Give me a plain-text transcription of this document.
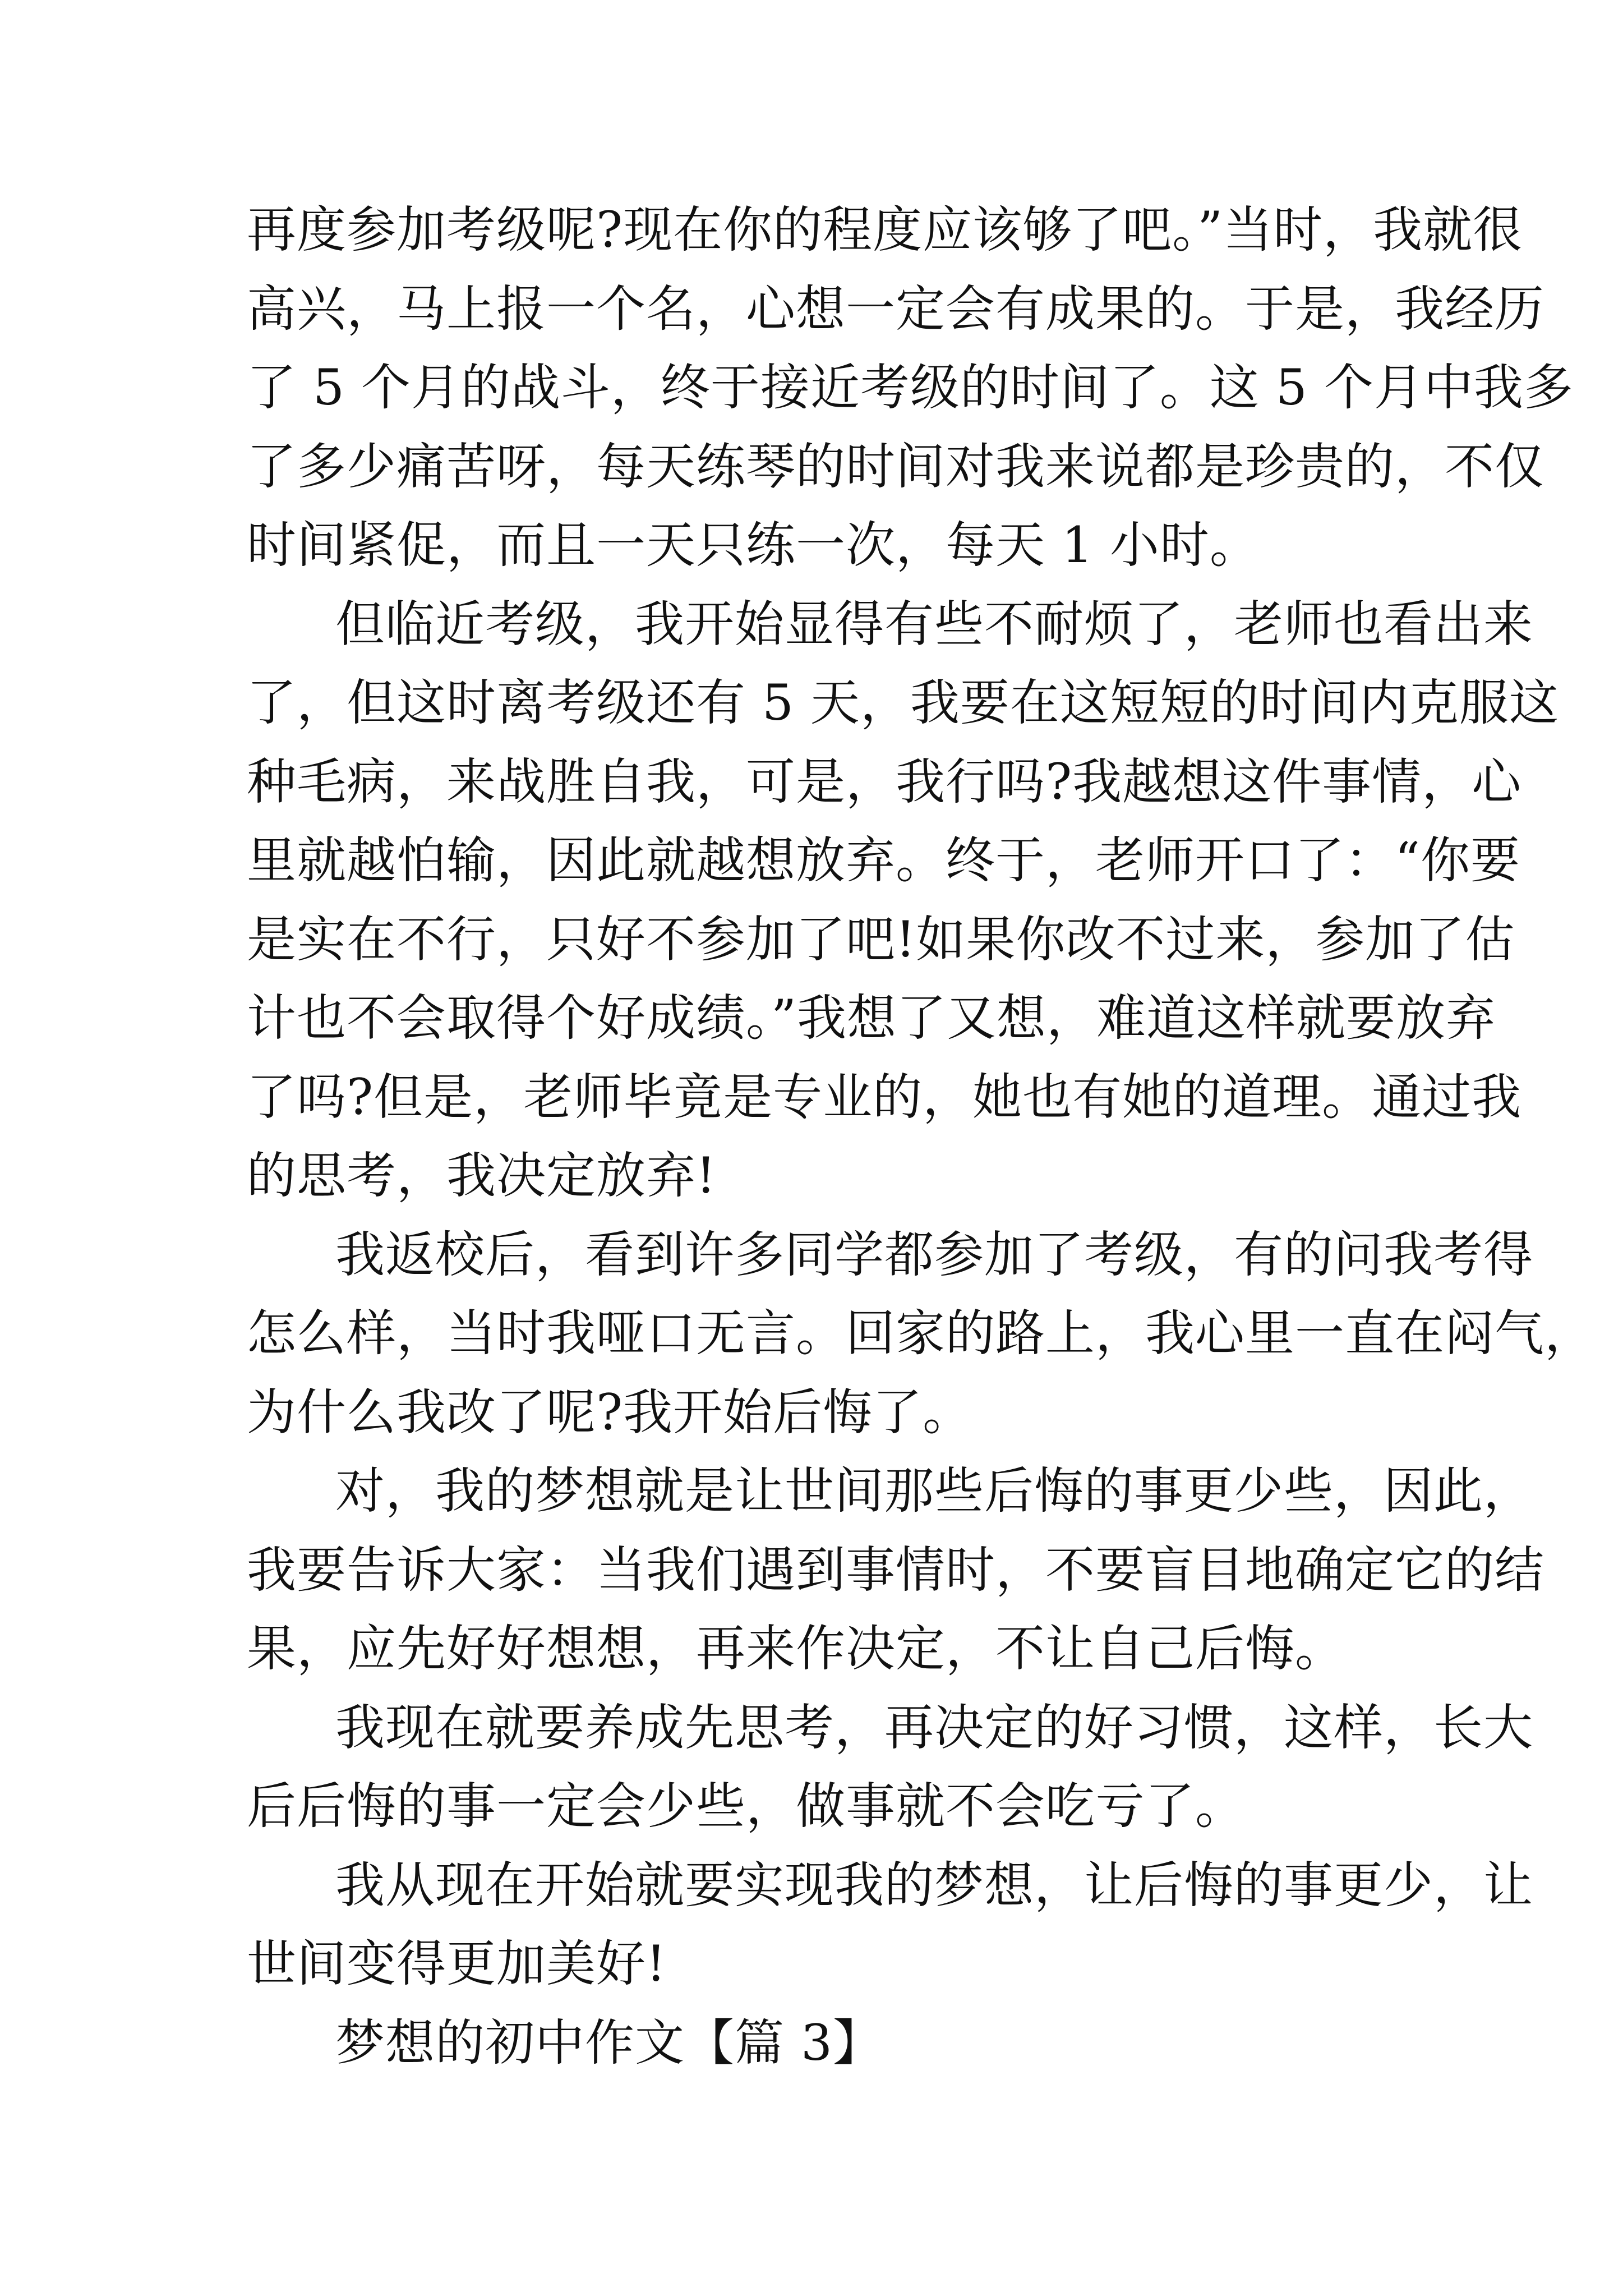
再度参加考级呢?现在你的程度应该够了吧。”当时，我就很
高兴，马上报一个名，心想一定会有成果的。于是，我经历
了 5 个月的战斗，终于接近考级的时间了。这 5 个月中我多
了多少痛苦呀，每天练琴的时间对我来说都是珍贵的，不仅
时间紧促，而且一天只练一次，每天 1 小时。

但临近考级，我开始显得有些不耐烦了，老师也看出来
了，但这时离考级还有 5 天，我要在这短短的时间内克服这
种毛病，来战胜自我，可是，我行吗?我越想这件事情，心
里就越怕输，因此就越想放弃。终于，老师开口了：“你要
是实在不行，只好不参加了吧!如果你改不过来，参加了估
计也不会取得个好成绩。”我想了又想，难道这样就要放弃
了吗?但是，老师毕竟是专业的，她也有她的道理。通过我
的思考，我决定放弃!

我返校后，看到许多同学都参加了考级，有的问我考得
怎么样，当时我哑口无言。回家的路上，我心里一直在闷气，
为什么我改了呢?我开始后悔了。

对，我的梦想就是让世间那些后悔的事更少些，因此，
我要告诉大家：当我们遇到事情时，不要盲目地确定它的结
果，应先好好想想，再来作决定，不让自己后悔。

我现在就要养成先思考，再决定的好习惯，这样，长大
后后悔的事一定会少些，做事就不会吃亏了。

我从现在开始就要实现我的梦想，让后悔的事更少，让
世间变得更加美好!

梦想的初中作文【篇 3】
